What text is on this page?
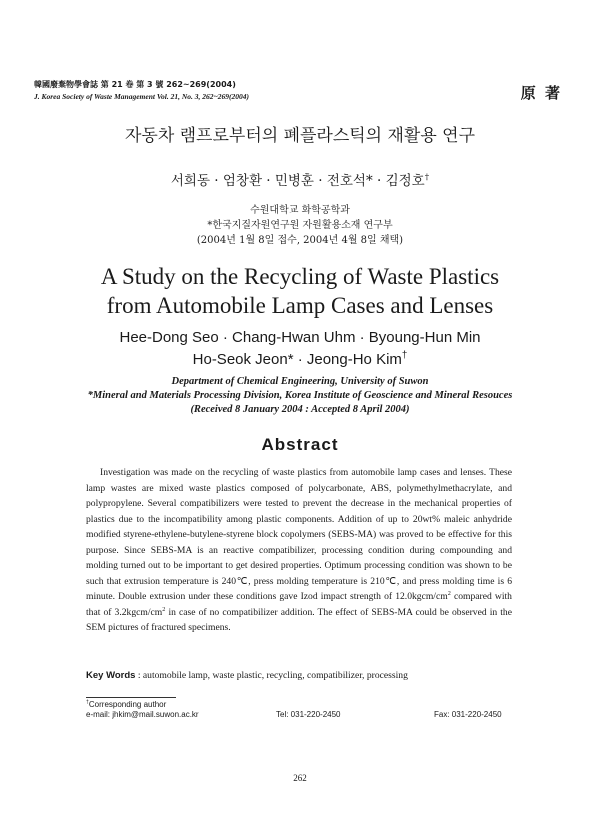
韓國廢棄物學會誌 第 21 卷 第 3 號 262~269(2004)
J. Korea Society of Waste Management Vol. 21, No. 3, 262~269(2004)	原 著
자동차 램프로부터의 폐플라스틱의 재활용 연구
서희동 · 엄창환 · 민병훈 · 전호석* · 김정호†
수원대학교 화학공학과
*한국지질자원연구원 자원활용소재 연구부
(2004년 1월 8일 접수, 2004년 4월 8일 채택)
A Study on the Recycling of Waste Plastics
from Automobile Lamp Cases and Lenses
Hee-Dong Seo · Chang-Hwan Uhm · Byoung-Hun Min
Ho-Seok Jeon* · Jeong-Ho Kim†
Department of Chemical Engineering, University of Suwon
*Mineral and Materials Processing Division, Korea Institute of Geoscience and Mineral Resouces
(Received 8 January 2004 : Accepted 8 April 2004)
Abstract
Investigation was made on the recycling of waste plastics from automobile lamp cases and lenses. These lamp wastes are mixed waste plastics composed of polycarbonate, ABS, polymethylmethacrylate, and polypropylene. Several compatibilizers were tested to prevent the decrease in the mechanical properties of plastics due to the incompatibility among plastic components. Addition of up to 20wt% maleic anhydride modified styrene-ethylene-butylene-styrene block copolymers (SEBS-MA) was proved to be effective for this purpose. Since SEBS-MA is an reactive compatibilizer, processing condition during compounding and molding turned out to be important to get desired properties. Optimum processing condition was shown to be such that extrusion temperature is 240℃, press molding temperature is 210℃, and press molding time is 6 minute. Double extrusion under these conditions gave Izod impact strength of $12.0kgcm/cm^2$ compared with that of $3.2kgcm/cm^2$ in case of no compatibilizer addition. The effect of SEBS-MA could be observed in the SEM pictures of fractured specimens.
Key Words : automobile lamp, waste plastic, recycling, compatibilizer, processing
†Corresponding author
e-mail: jhkim@mail.suwon.ac.kr	Tel: 031-220-2450	Fax: 031-220-2450
262
